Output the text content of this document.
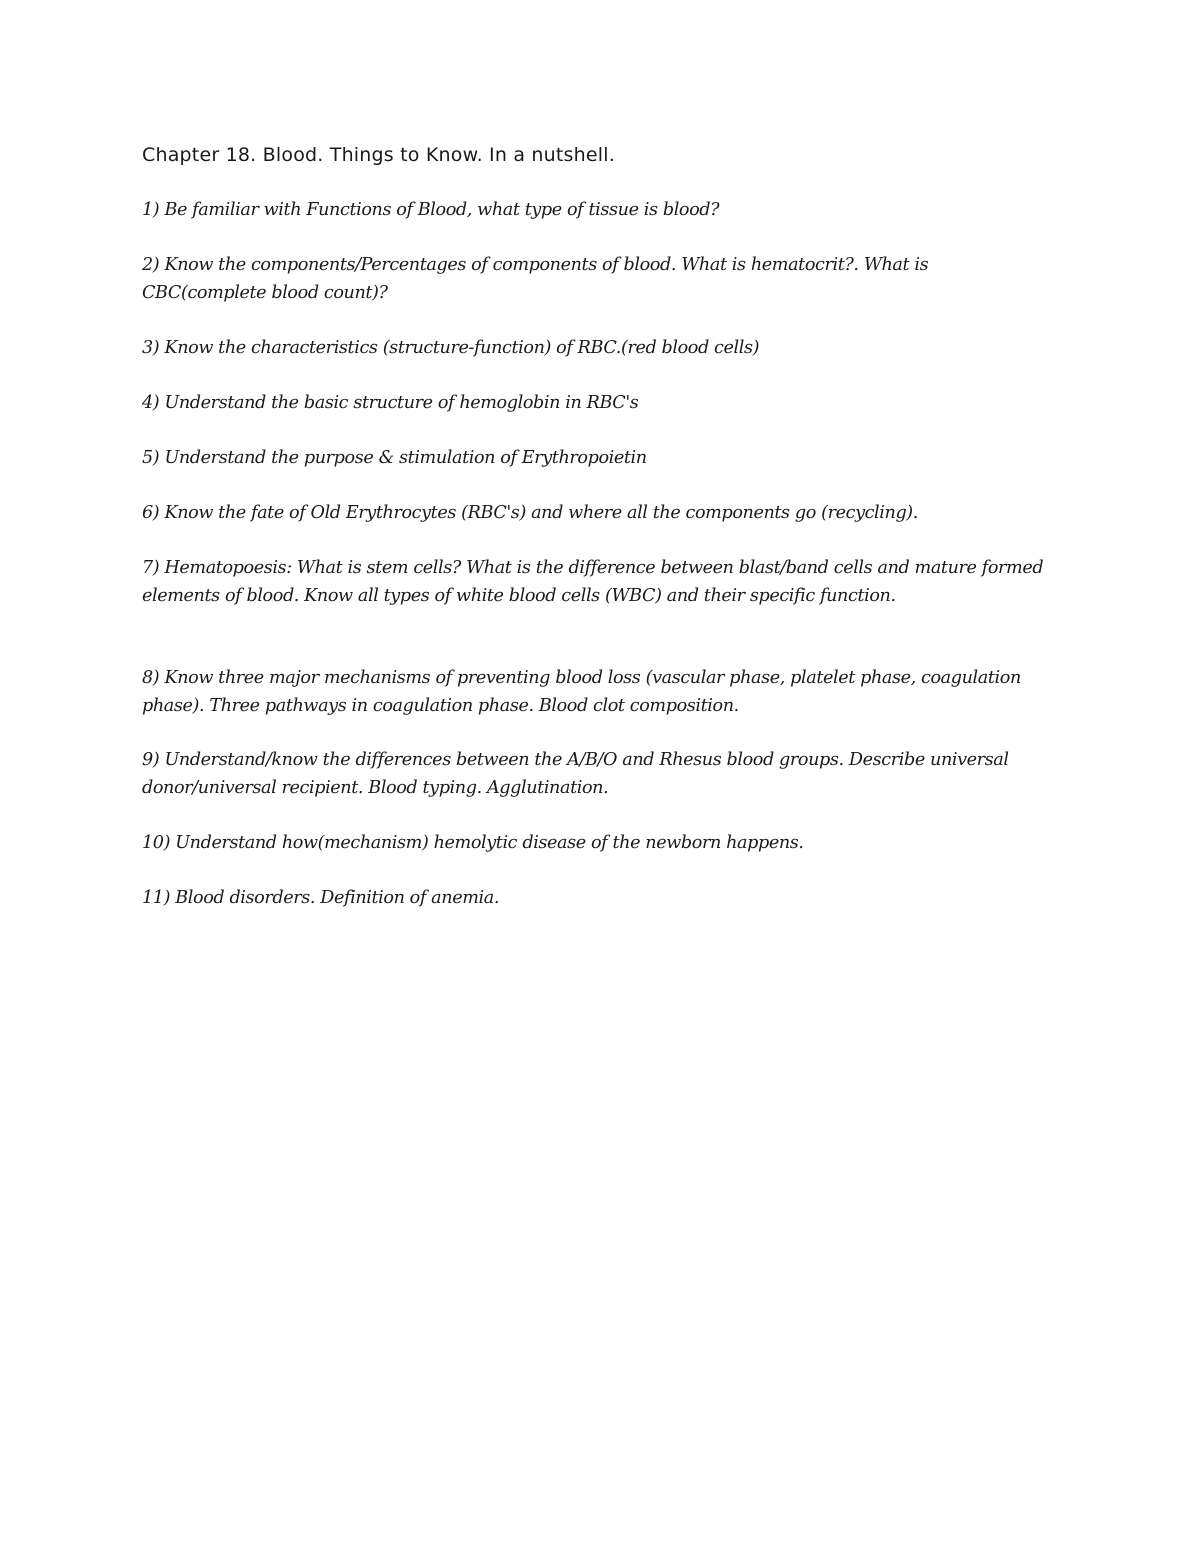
Chapter 18. Blood. Things to Know. In a nutshell.

1) Be familiar with Functions of Blood, what type of tissue is blood?

2) Know the components/Percentages of components of blood. What is hematocrit?. What is CBC(complete blood count)?

3) Know the characteristics (structure-function) of RBC.(red blood cells)

4) Understand the basic structure of hemoglobin in RBC's

5) Understand the purpose & stimulation of Erythropoietin

6) Know the fate of Old Erythrocytes (RBC's) and where all the components go (recycling).

7) Hematopoesis: What is stem cells? What is the difference between blast/band cells and mature formed elements of blood. Know all types of white blood cells (WBC) and their specific function.

8) Know three major mechanisms of preventing blood loss (vascular phase, platelet phase, coagulation phase). Three pathways in coagulation phase. Blood clot composition.

9) Understand/know the differences between the A/B/O and Rhesus blood groups. Describe universal donor/universal recipient. Blood typing. Agglutination.

10) Understand how(mechanism) hemolytic disease of the newborn happens.

11) Blood disorders. Definition of anemia.
